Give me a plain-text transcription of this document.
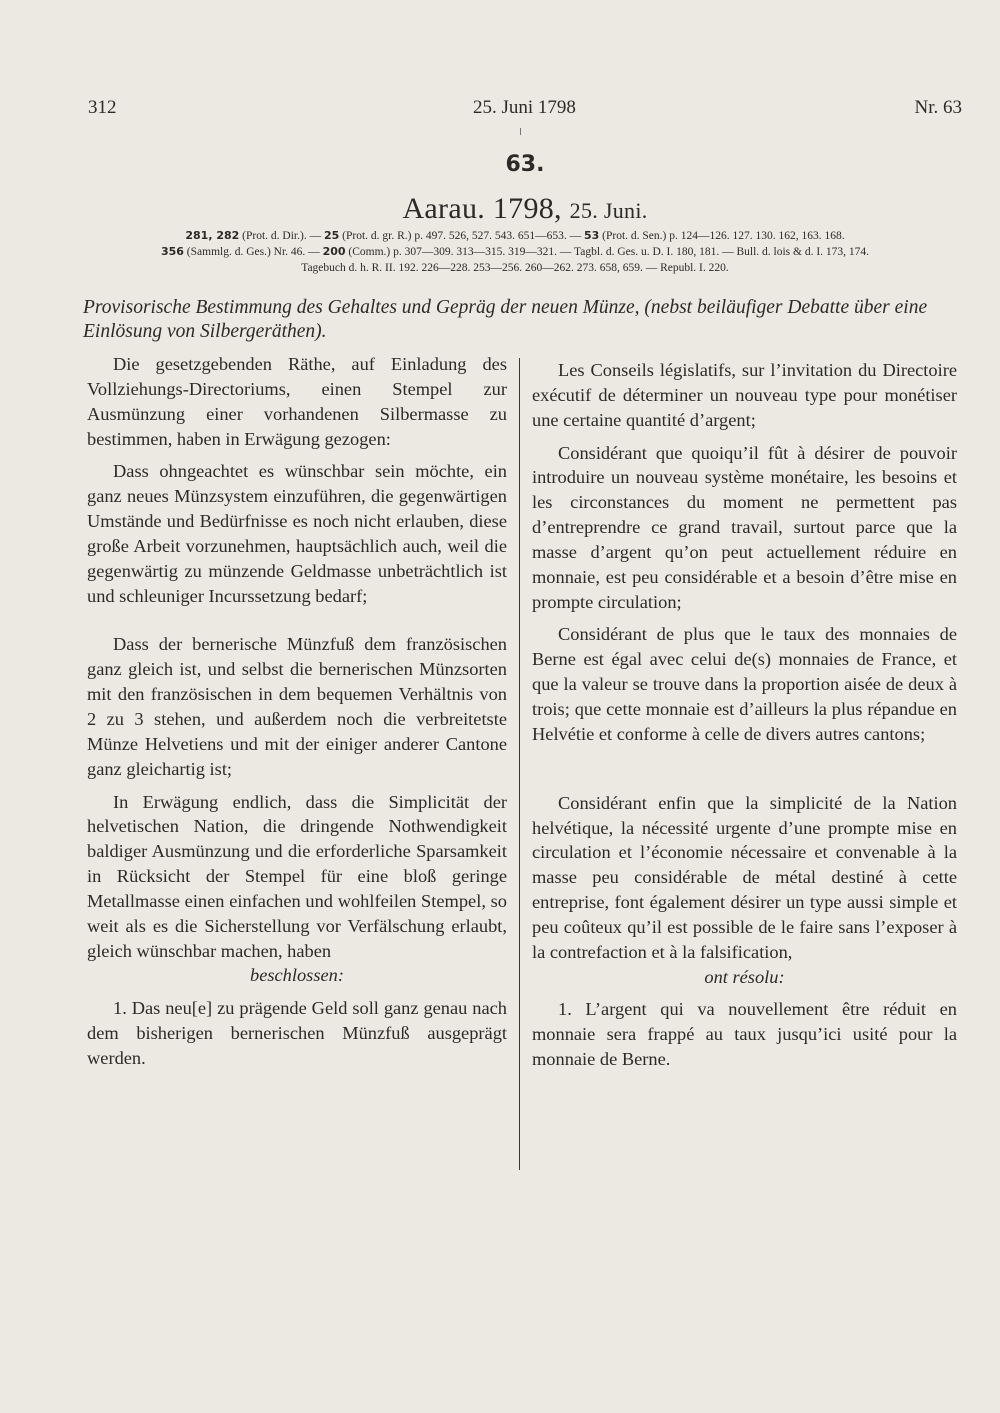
312	25. Juni 1798	Nr. 63
63.
Aarau. 1798, 25. Juni.
281, 282 (Prot. d. Dir.). — 25 (Prot. d. gr. R.) p. 497. 526, 527. 543. 651—653. — 53 (Prot. d. Sen.) p. 124—126. 127. 130. 162, 163. 168.
356 (Sammlg. d. Ges.) Nr. 46. — 200 (Comm.) p. 307—309. 313—315. 319—321. — Tagbl. d. Ges. u. D. I. 180, 181. — Bull. d. lois & d. I. 173, 174.
Tagebuch d. h. R. II. 192. 226—228. 253—256. 260—262. 273. 658, 659. — Republ. I. 220.
Provisorische Bestimmung des Gehaltes und Gepräg der neuen Münze, (nebst beiläufiger Debatte über eine Einlösung von Silbergeräthen).

Die gesetzgebenden Räthe, auf Einladung des Vollziehungs-Directoriums, einen Stempel zur Ausmünzung einer vorhandenen Silbermasse zu bestimmen, haben in Erwägung gezogen:

Dass ohngeachtet es wünschbar sein möchte, ein ganz neues Münzsystem einzuführen, die gegenwärtigen Umstände und Bedürfnisse es noch nicht erlauben, diese große Arbeit vorzunehmen, hauptsächlich auch, weil die gegenwärtig zu münzende Geldmasse unbeträchtlich ist und schleuniger Incurssetzung bedarf;

Dass der bernerische Münzfuß dem französischen ganz gleich ist, und selbst die bernerischen Münzsorten mit den französischen in dem bequemen Verhältnis von 2 zu 3 stehen, und außerdem noch die verbreitetste Münze Helvetiens und mit der einiger anderer Cantone ganz gleichartig ist;

In Erwägung endlich, dass die Simplicität der helvetischen Nation, die dringende Nothwendigkeit baldiger Ausmünzung und die erforderliche Sparsamkeit in Rücksicht der Stempel für eine bloß geringe Metallmasse einen einfachen und wohlfeilen Stempel, so weit als es die Sicherstellung vor Verfälschung erlaubt, gleich wünschbar machen, haben

beschlossen:

1. Das neu[e] zu prägende Geld soll ganz genau nach dem bisherigen bernerischen Münzfuß ausgeprägt werden.

Les Conseils législatifs, sur l’invitation du Directoire exécutif de déterminer un nouveau type pour monétiser une certaine quantité d’argent;

Considérant que quoiqu’il fût à désirer de pouvoir introduire un nouveau système monétaire, les besoins et les circonstances du moment ne permettent pas d’entreprendre ce grand travail, surtout parce que la masse d’argent qu’on peut actuellement réduire en monnaie, est peu considérable et a besoin d’être mise en prompte circulation;

Considérant de plus que le taux des monnaies de Berne est égal avec celui de(s) monnaies de France, et que la valeur se trouve dans la proportion aisée de deux à trois; que cette monnaie est d’ailleurs la plus répandue en Helvétie et conforme à celle de divers autres cantons;

Considérant enfin que la simplicité de la Nation helvétique, la nécessité urgente d’une prompte mise en circulation et l’économie nécessaire et convenable à la masse peu considérable de métal destiné à cette entreprise, font également désirer un type aussi simple et peu coûteux qu’il est possible de le faire sans l’exposer à la contrefaction et à la falsification,

ont résolu:

1. L’argent qui va nouvellement être réduit en monnaie sera frappé au taux jusqu’ici usité pour la monnaie de Berne.
